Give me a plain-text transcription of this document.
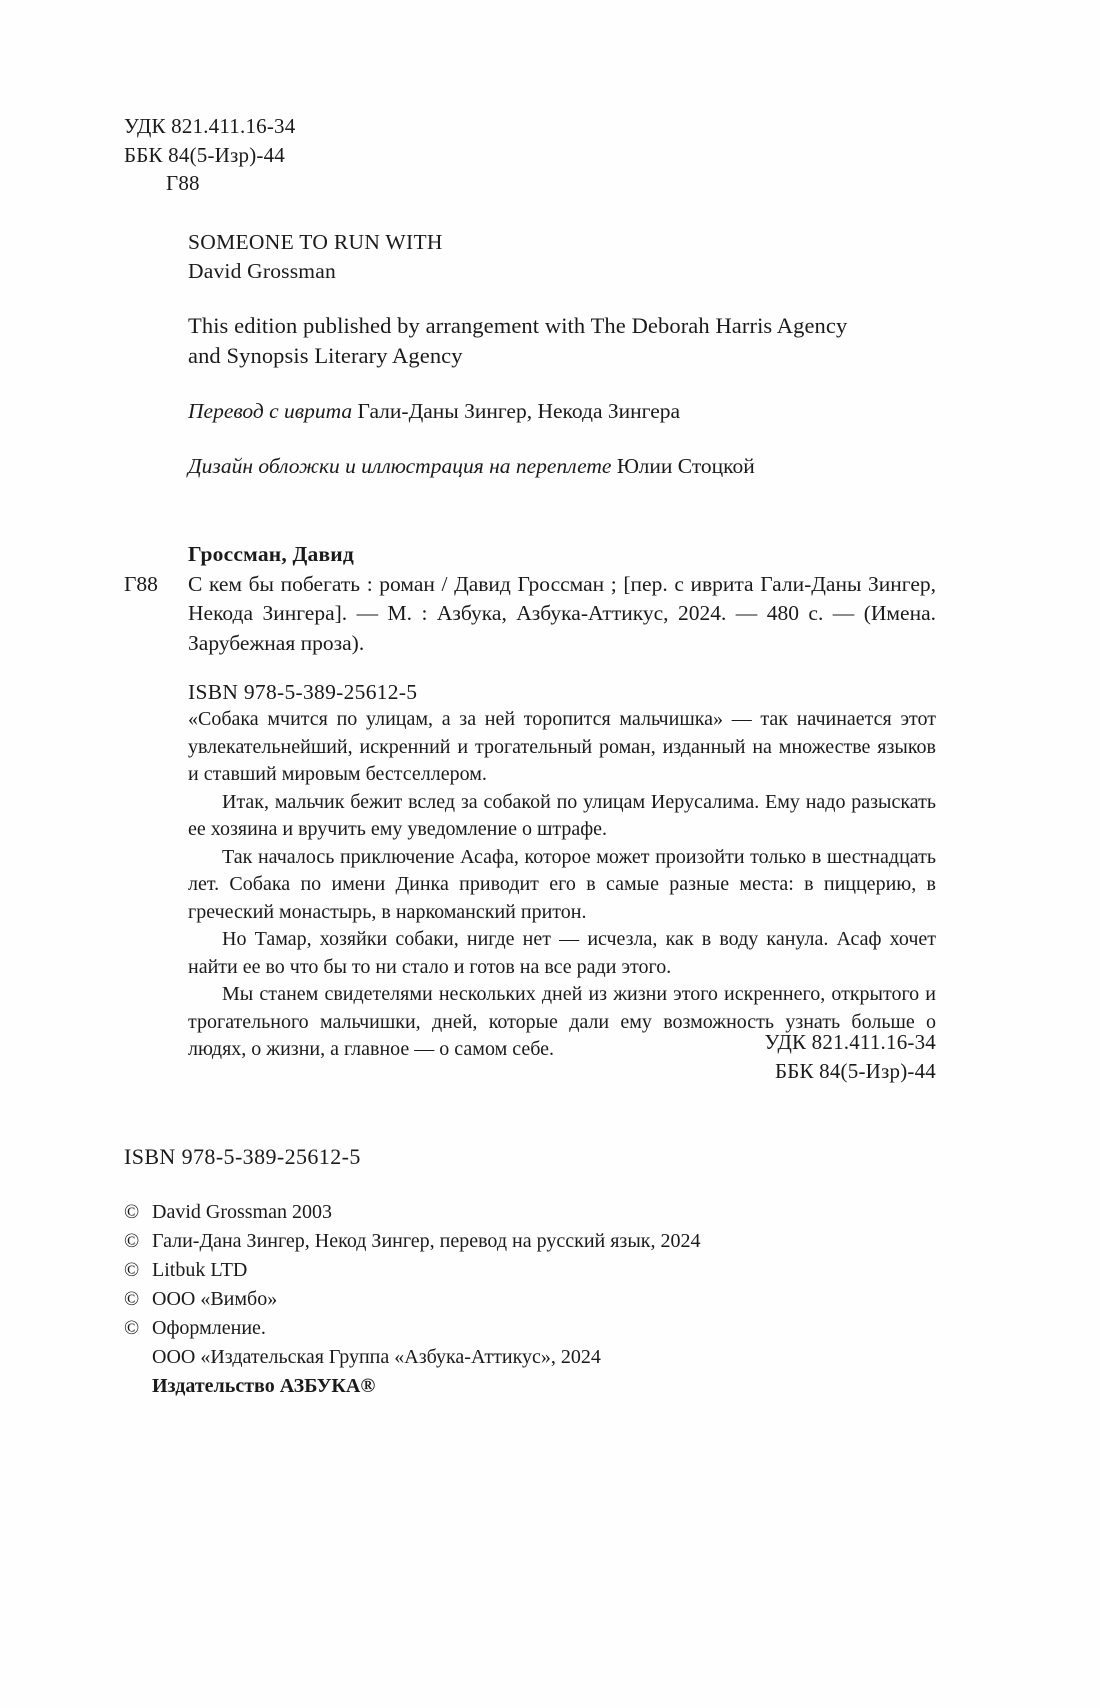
УДК 821.411.16-34
ББК 84(5-Изр)-44
Г88
SOMEONE TO RUN WITH
David Grossman
This edition published by arrangement with The Deborah Harris Agency
and Synopsis Literary Agency
Перевод с иврита Гали-Даны Зингер, Некода Зингера
Дизайн обложки и иллюстрация на переплете Юлии Стоцкой
Гроссман, Давид
Г88 С кем бы побегать : роман / Давид Гроссман ; [пер. с иврита Гали-Даны Зингер, Некода Зингера]. — М. : Азбука, Азбука-Аттикус, 2024. — 480 с. — (Имена. Зарубежная проза).
ISBN 978-5-389-25612-5

«Собака мчится по улицам, а за ней торопится мальчишка» — так начинается этот увлекательнейший, искренний и трогательный роман, изданный на множестве языков и ставший мировым бестселлером.

Итак, мальчик бежит вслед за собакой по улицам Иерусалима. Ему надо разыскать ее хозяина и вручить ему уведомление о штрафе.

Так началось приключение Асафа, которое может произойти только в шестнадцать лет. Собака по имени Динка приводит его в самые разные места: в пиццерию, в греческий монастырь, в наркоманский притон.

Но Тамар, хозяйки собаки, нигде нет — исчезла, как в воду канула. Асаф хочет найти ее во что бы то ни стало и готов на все ради этого.

Мы станем свидетелями нескольких дней из жизни этого искреннего, открытого и трогательного мальчишки, дней, которые дали ему возможность узнать больше о людях, о жизни, а главное — о самом себе.	УДК 821.411.16-34
ББК 84(5-Изр)-44
ISBN 978-5-389-25612-5
© David Grossman 2003
© Гали-Дана Зингер, Некод Зингер, перевод на русский язык, 2024
© Litbuk LTD
© ООО «Вимбо»
© Оформление.
ООО «Издательская Группа «Азбука-Аттикус», 2024
Издательство АЗБУКА®
